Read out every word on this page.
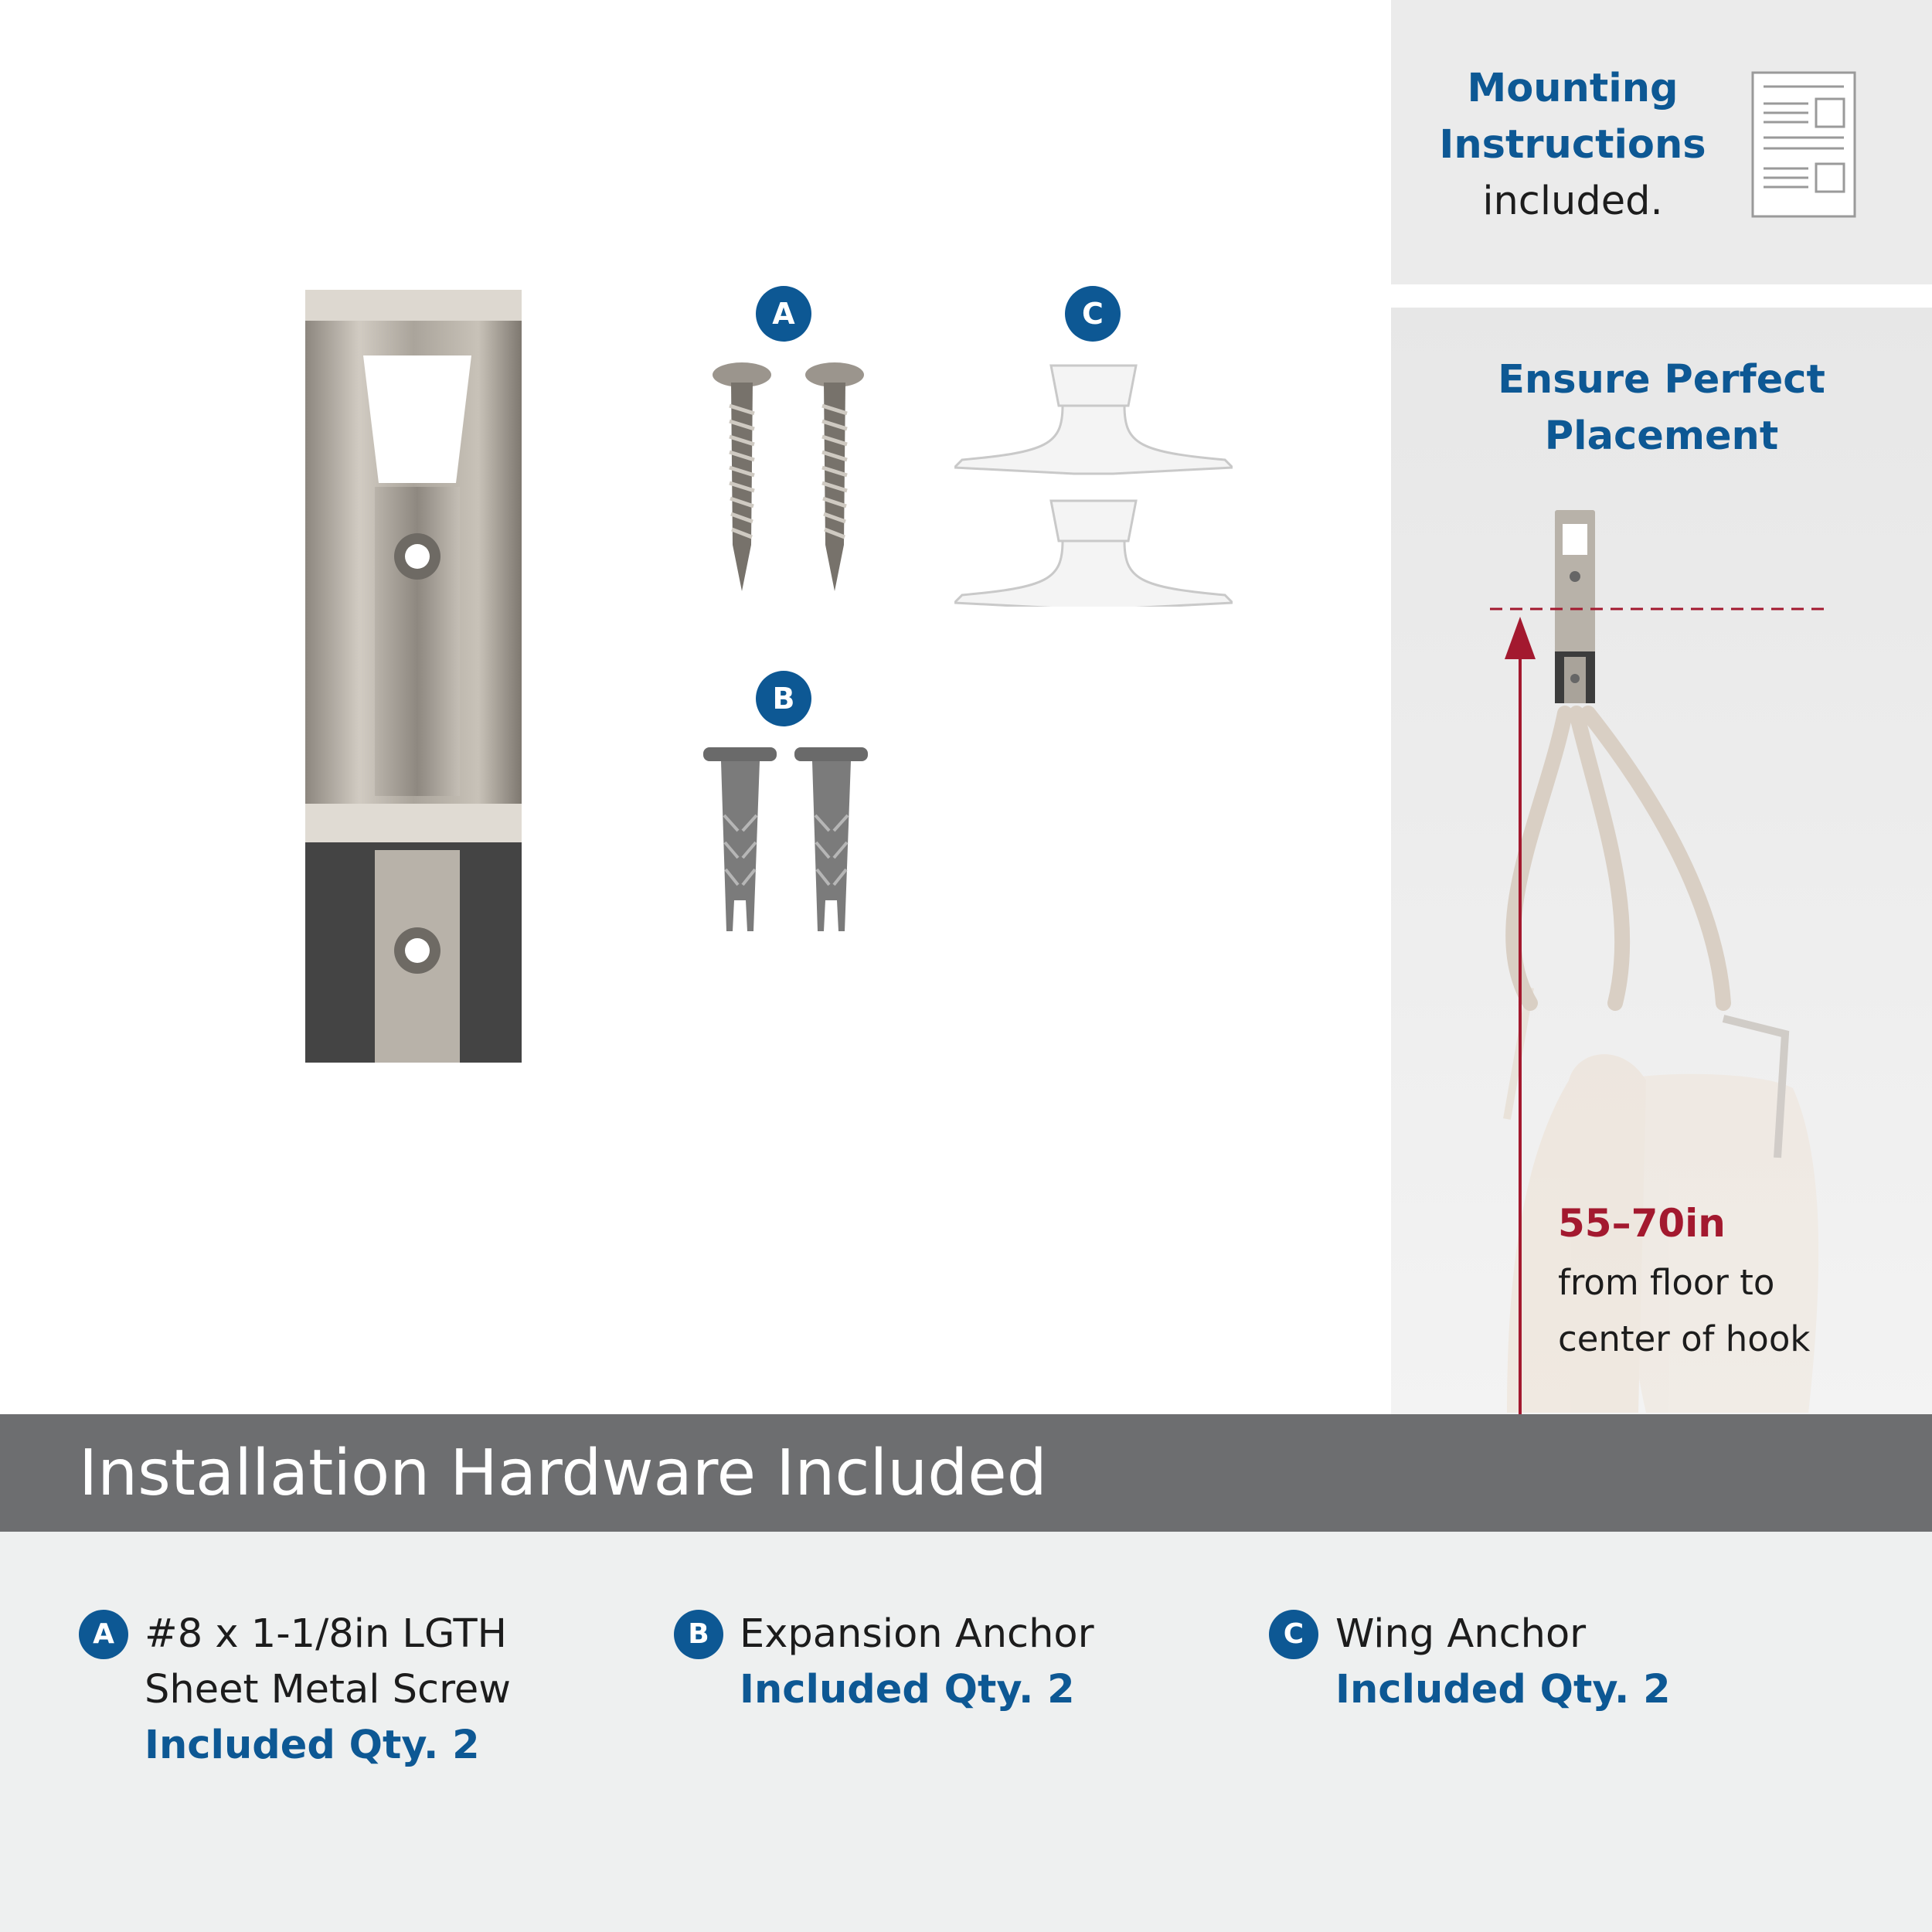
A	C
B
Mounting
Instructions
included.
Ensure Perfect
Placement
55–70in
from floor to
center of hook
Installation Hardware Included
A #8 x 1-1/8in LGTH
Sheet Metal Screw
Included Qty. 2
B Expansion Anchor
Included Qty. 2
C Wing Anchor
Included Qty. 2
